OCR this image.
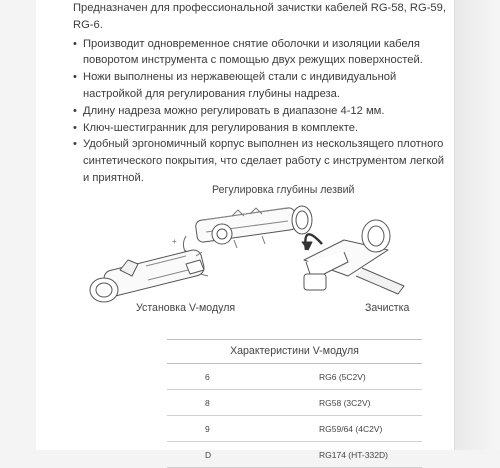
Предназначен для профессиональной зачистки кабелей RG-58, RG-59, RG-6.

• Производит одновременное снятие оболочки и изоляции кабеля поворотом инструмента с помощью двух режущих поверхностей.
• Ножи выполнены из нержавеющей стали с индивидуальной настройкой для регулирования глубины надреза.
• Длину надреза можно регулировать в диапазоне 4-12 мм.
• Ключ-шестигранник для регулирования в комплекте.
• Удобный эргономичный корпус выполнен из нескользящего плотного синтетического покрытия, что сделает работу с инструментом легкой и приятной.
+
Регулировка глубины лезвий
Установка V-модуля	Зачистка
Характеристини V-модуля	
6	RG6 (5C2V)
8	RG58 (3C2V)
9	RG59/64 (4C2V)
D	RG174 (HT-332D)
